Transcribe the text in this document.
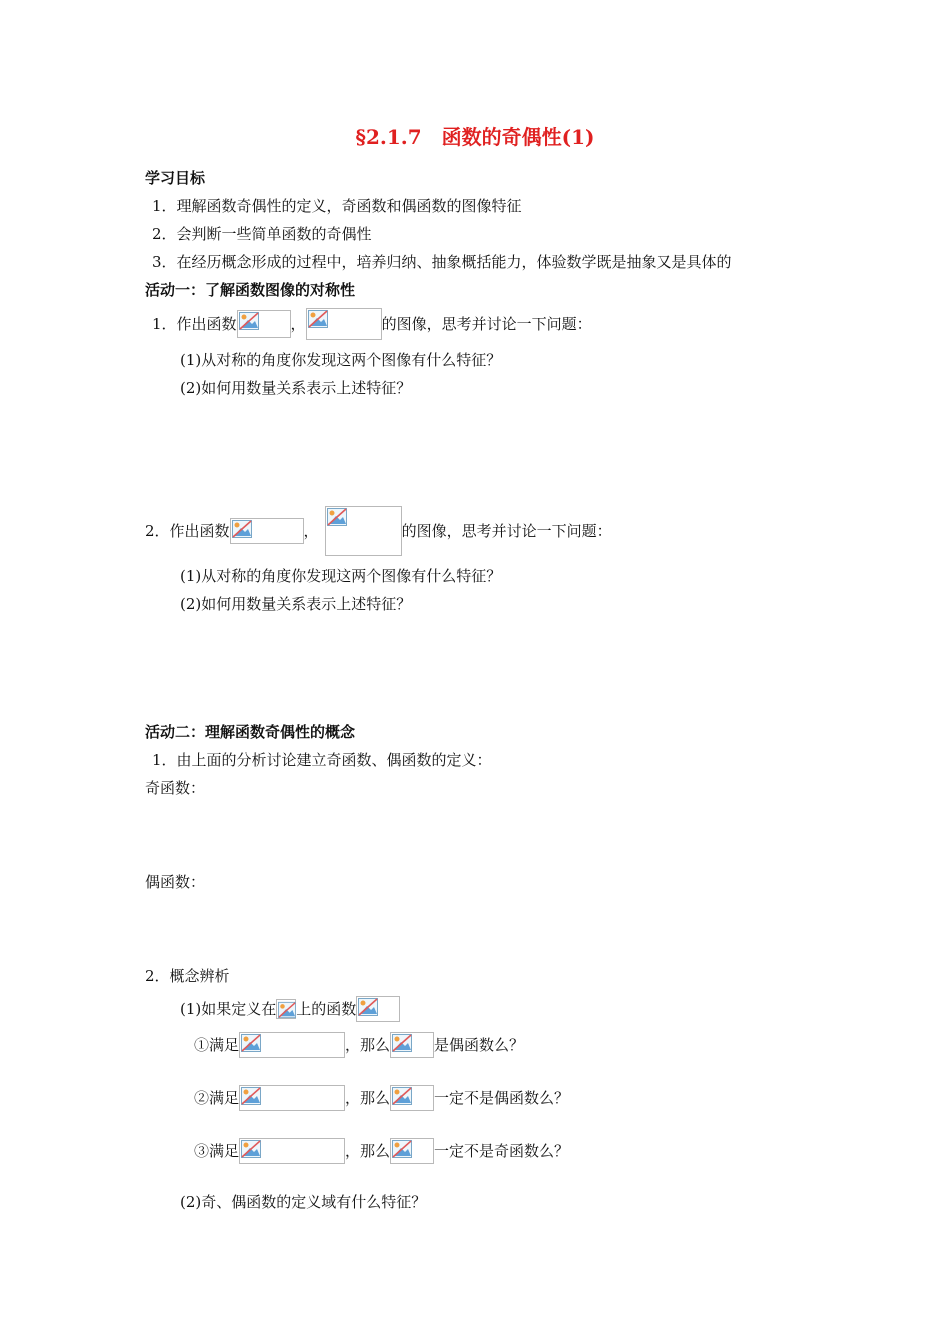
§2.1.7　函数的奇偶性(1)
学习目标
1．理解函数奇偶性的定义，奇函数和偶函数的图像特征
2．会判断一些简单函数的奇偶性
3．在经历概念形成的过程中，培养归纳、抽象概括能力，体验数学既是抽象又是具体的
活动一：了解函数图像的对称性
1．作出函数	，	的图像，思考并讨论一下问题：
(1)从对称的角度你发现这两个图像有什么特征？
(2)如何用数量关系表示上述特征？
2．作出函数	，	的图像，思考并讨论一下问题：
(1)从对称的角度你发现这两个图像有什么特征？
(2)如何用数量关系表示上述特征？
活动二：理解函数奇偶性的概念
1．由上面的分析讨论建立奇函数、偶函数的定义：
奇函数：
偶函数：
2．概念辨析
(1)如果定义在 上的函数
①满足	，那么	是偶函数么？
②满足	，那么	一定不是偶函数么？
③满足	，那么	一定不是奇函数么？
(2)奇、偶函数的定义域有什么特征？
